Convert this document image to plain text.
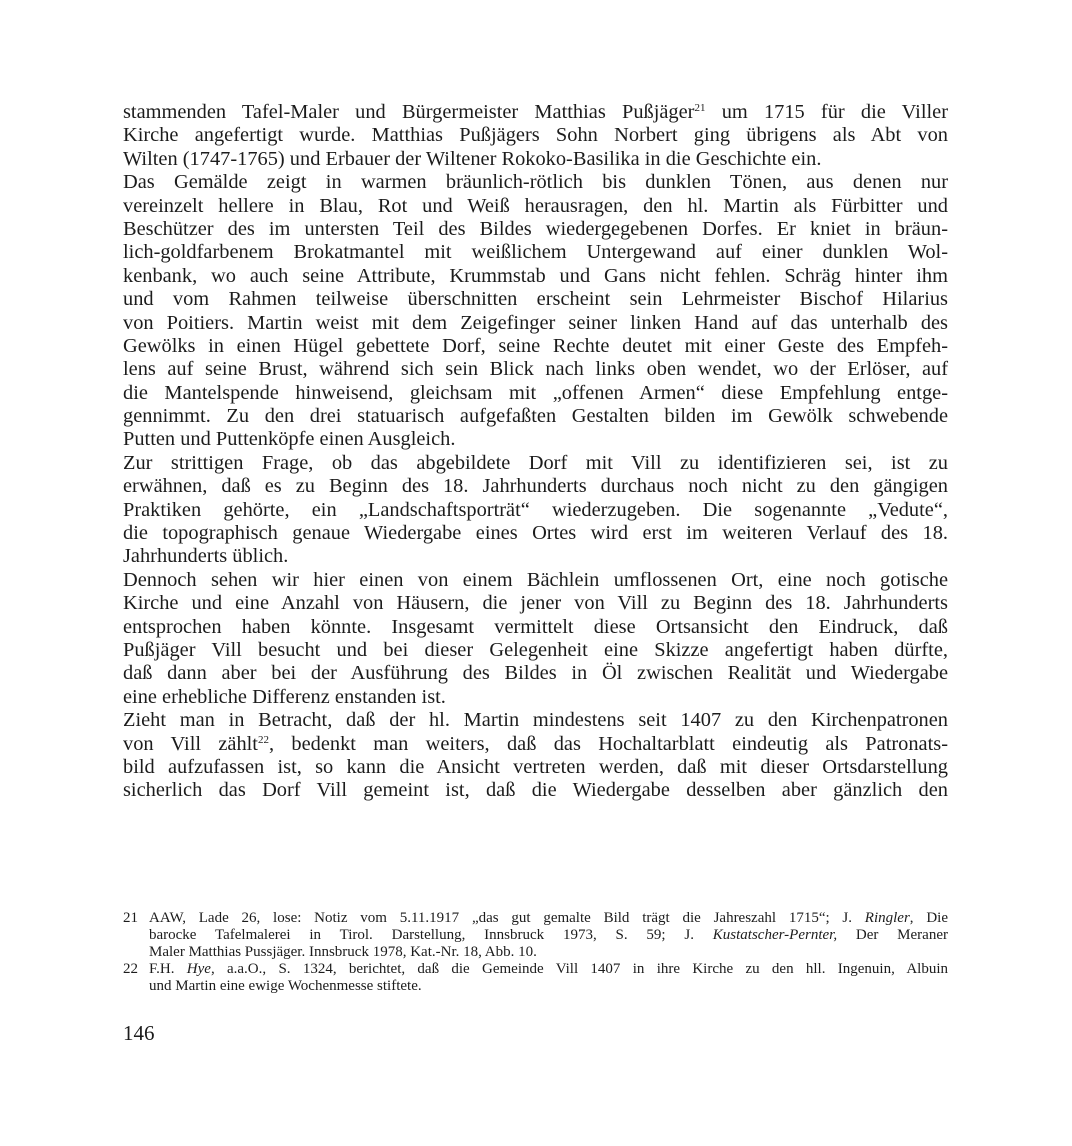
stammenden Tafel-Maler und Bürgermeister Matthias Pußjäger$^{21}$ um 1715 für die Viller
Kirche angefertigt wurde. Matthias Pußjägers Sohn Norbert ging übrigens als Abt von
Wilten (1747-1765) und Erbauer der Wiltener Rokoko-Basilika in die Geschichte ein.
Das Gemälde zeigt in warmen bräunlich-rötlich bis dunklen Tönen, aus denen nur
vereinzelt hellere in Blau, Rot und Weiß herausragen, den hl. Martin als Fürbitter und
Beschützer des im untersten Teil des Bildes wiedergegebenen Dorfes. Er kniet in bräun-
lich-goldfarbenem Brokatmantel mit weißlichem Untergewand auf einer dunklen Wol-
kenbank, wo auch seine Attribute, Krummstab und Gans nicht fehlen. Schräg hinter ihm
und vom Rahmen teilweise überschnitten erscheint sein Lehrmeister Bischof Hilarius
von Poitiers. Martin weist mit dem Zeigefinger seiner linken Hand auf das unterhalb des
Gewölks in einen Hügel gebettete Dorf, seine Rechte deutet mit einer Geste des Empfeh-
lens auf seine Brust, während sich sein Blick nach links oben wendet, wo der Erlöser, auf
die Mantelspende hinweisend, gleichsam mit „offenen Armen“ diese Empfehlung entge-
gennimmt. Zu den drei statuarisch aufgefaßten Gestalten bilden im Gewölk schwebende
Putten und Puttenköpfe einen Ausgleich.
Zur strittigen Frage, ob das abgebildete Dorf mit Vill zu identifizieren sei, ist zu
erwähnen, daß es zu Beginn des 18. Jahrhunderts durchaus noch nicht zu den gängigen
Praktiken gehörte, ein „Landschaftsporträt“ wiederzugeben. Die sogenannte „Vedute“,
die topographisch genaue Wiedergabe eines Ortes wird erst im weiteren Verlauf des 18.
Jahrhunderts üblich.
Dennoch sehen wir hier einen von einem Bächlein umflossenen Ort, eine noch gotische
Kirche und eine Anzahl von Häusern, die jener von Vill zu Beginn des 18. Jahrhunderts
entsprochen haben könnte. Insgesamt vermittelt diese Ortsansicht den Eindruck, daß
Pußjäger Vill besucht und bei dieser Gelegenheit eine Skizze angefertigt haben dürfte,
daß dann aber bei der Ausführung des Bildes in Öl zwischen Realität und Wiedergabe
eine erhebliche Differenz enstanden ist.
Zieht man in Betracht, daß der hl. Martin mindestens seit 1407 zu den Kirchenpatronen
von Vill zählt$^{22}$, bedenkt man weiters, daß das Hochaltarblatt eindeutig als Patronats-
bild aufzufassen ist, so kann die Ansicht vertreten werden, daß mit dieser Ortsdarstellung
sicherlich das Dorf Vill gemeint ist, daß die Wiedergabe desselben aber gänzlich den
21 AAW, Lade 26, lose: Notiz vom 5.11.1917 „das gut gemalte Bild trägt die Jahreszahl 1715“; J. Ringler, Die
barocke Tafelmalerei in Tirol. Darstellung, Innsbruck 1973, S. 59; J. Kustatscher-Pernter, Der Meraner
Maler Matthias Pussjäger. Innsbruck 1978, Kat.-Nr. 18, Abb. 10.
22 F.H. Hye, a.a.O., S. 1324, berichtet, daß die Gemeinde Vill 1407 in ihre Kirche zu den hll. Ingenuin, Albuin
und Martin eine ewige Wochenmesse stiftete.
146
